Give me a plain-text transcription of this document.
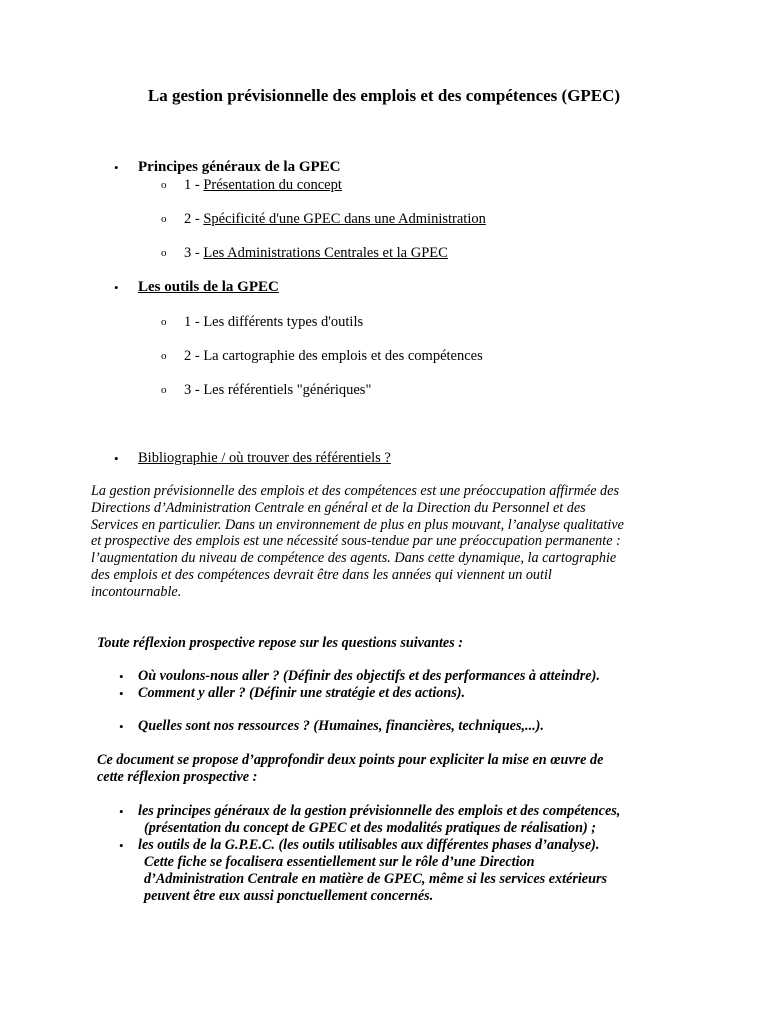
La gestion prévisionnelle des emplois et des compétences (GPEC)
• Principes généraux de la GPEC
o 1 - Présentation du concept
o 2 - Spécificité d'une GPEC dans une Administration
o 3 - Les Administrations Centrales et la GPEC
• Les outils de la GPEC
o 1 - Les différents types d'outils
o 2 - La cartographie des emplois et des compétences
o 3 - Les référentiels "génériques"
• Bibliographie / où trouver des référentiels ?
La gestion prévisionnelle des emplois et des compétences est une préoccupation affirmée des
Directions d’Administration Centrale en général et de la Direction du Personnel et des
Services en particulier. Dans un environnement de plus en plus mouvant, l’analyse qualitative
et prospective des emplois est une nécessité sous-tendue par une préoccupation permanente :
l’augmentation du niveau de compétence des agents. Dans cette dynamique, la cartographie
des emplois et des compétences devrait être dans les années qui viennent un outil
incontournable.
Toute réflexion prospective repose sur les questions suivantes :
• Où voulons-nous aller ? (Définir des objectifs et des performances à atteindre).
• Comment y aller ? (Définir une stratégie et des actions).
• Quelles sont nos ressources ? (Humaines, financières, techniques,...).
Ce document se propose d’approfondir deux points pour expliciter la mise en œuvre de
cette réflexion prospective :
• les principes généraux de la gestion prévisionnelle des emplois et des compétences,
(présentation du concept de GPEC et des modalités pratiques de réalisation) ;
• les outils de la G.P.E.C. (les outils utilisables aux différentes phases d’analyse).
Cette fiche se focalisera essentiellement sur le rôle d’une Direction
d’Administration Centrale en matière de GPEC, même si les services extérieurs
peuvent être eux aussi ponctuellement concernés.
